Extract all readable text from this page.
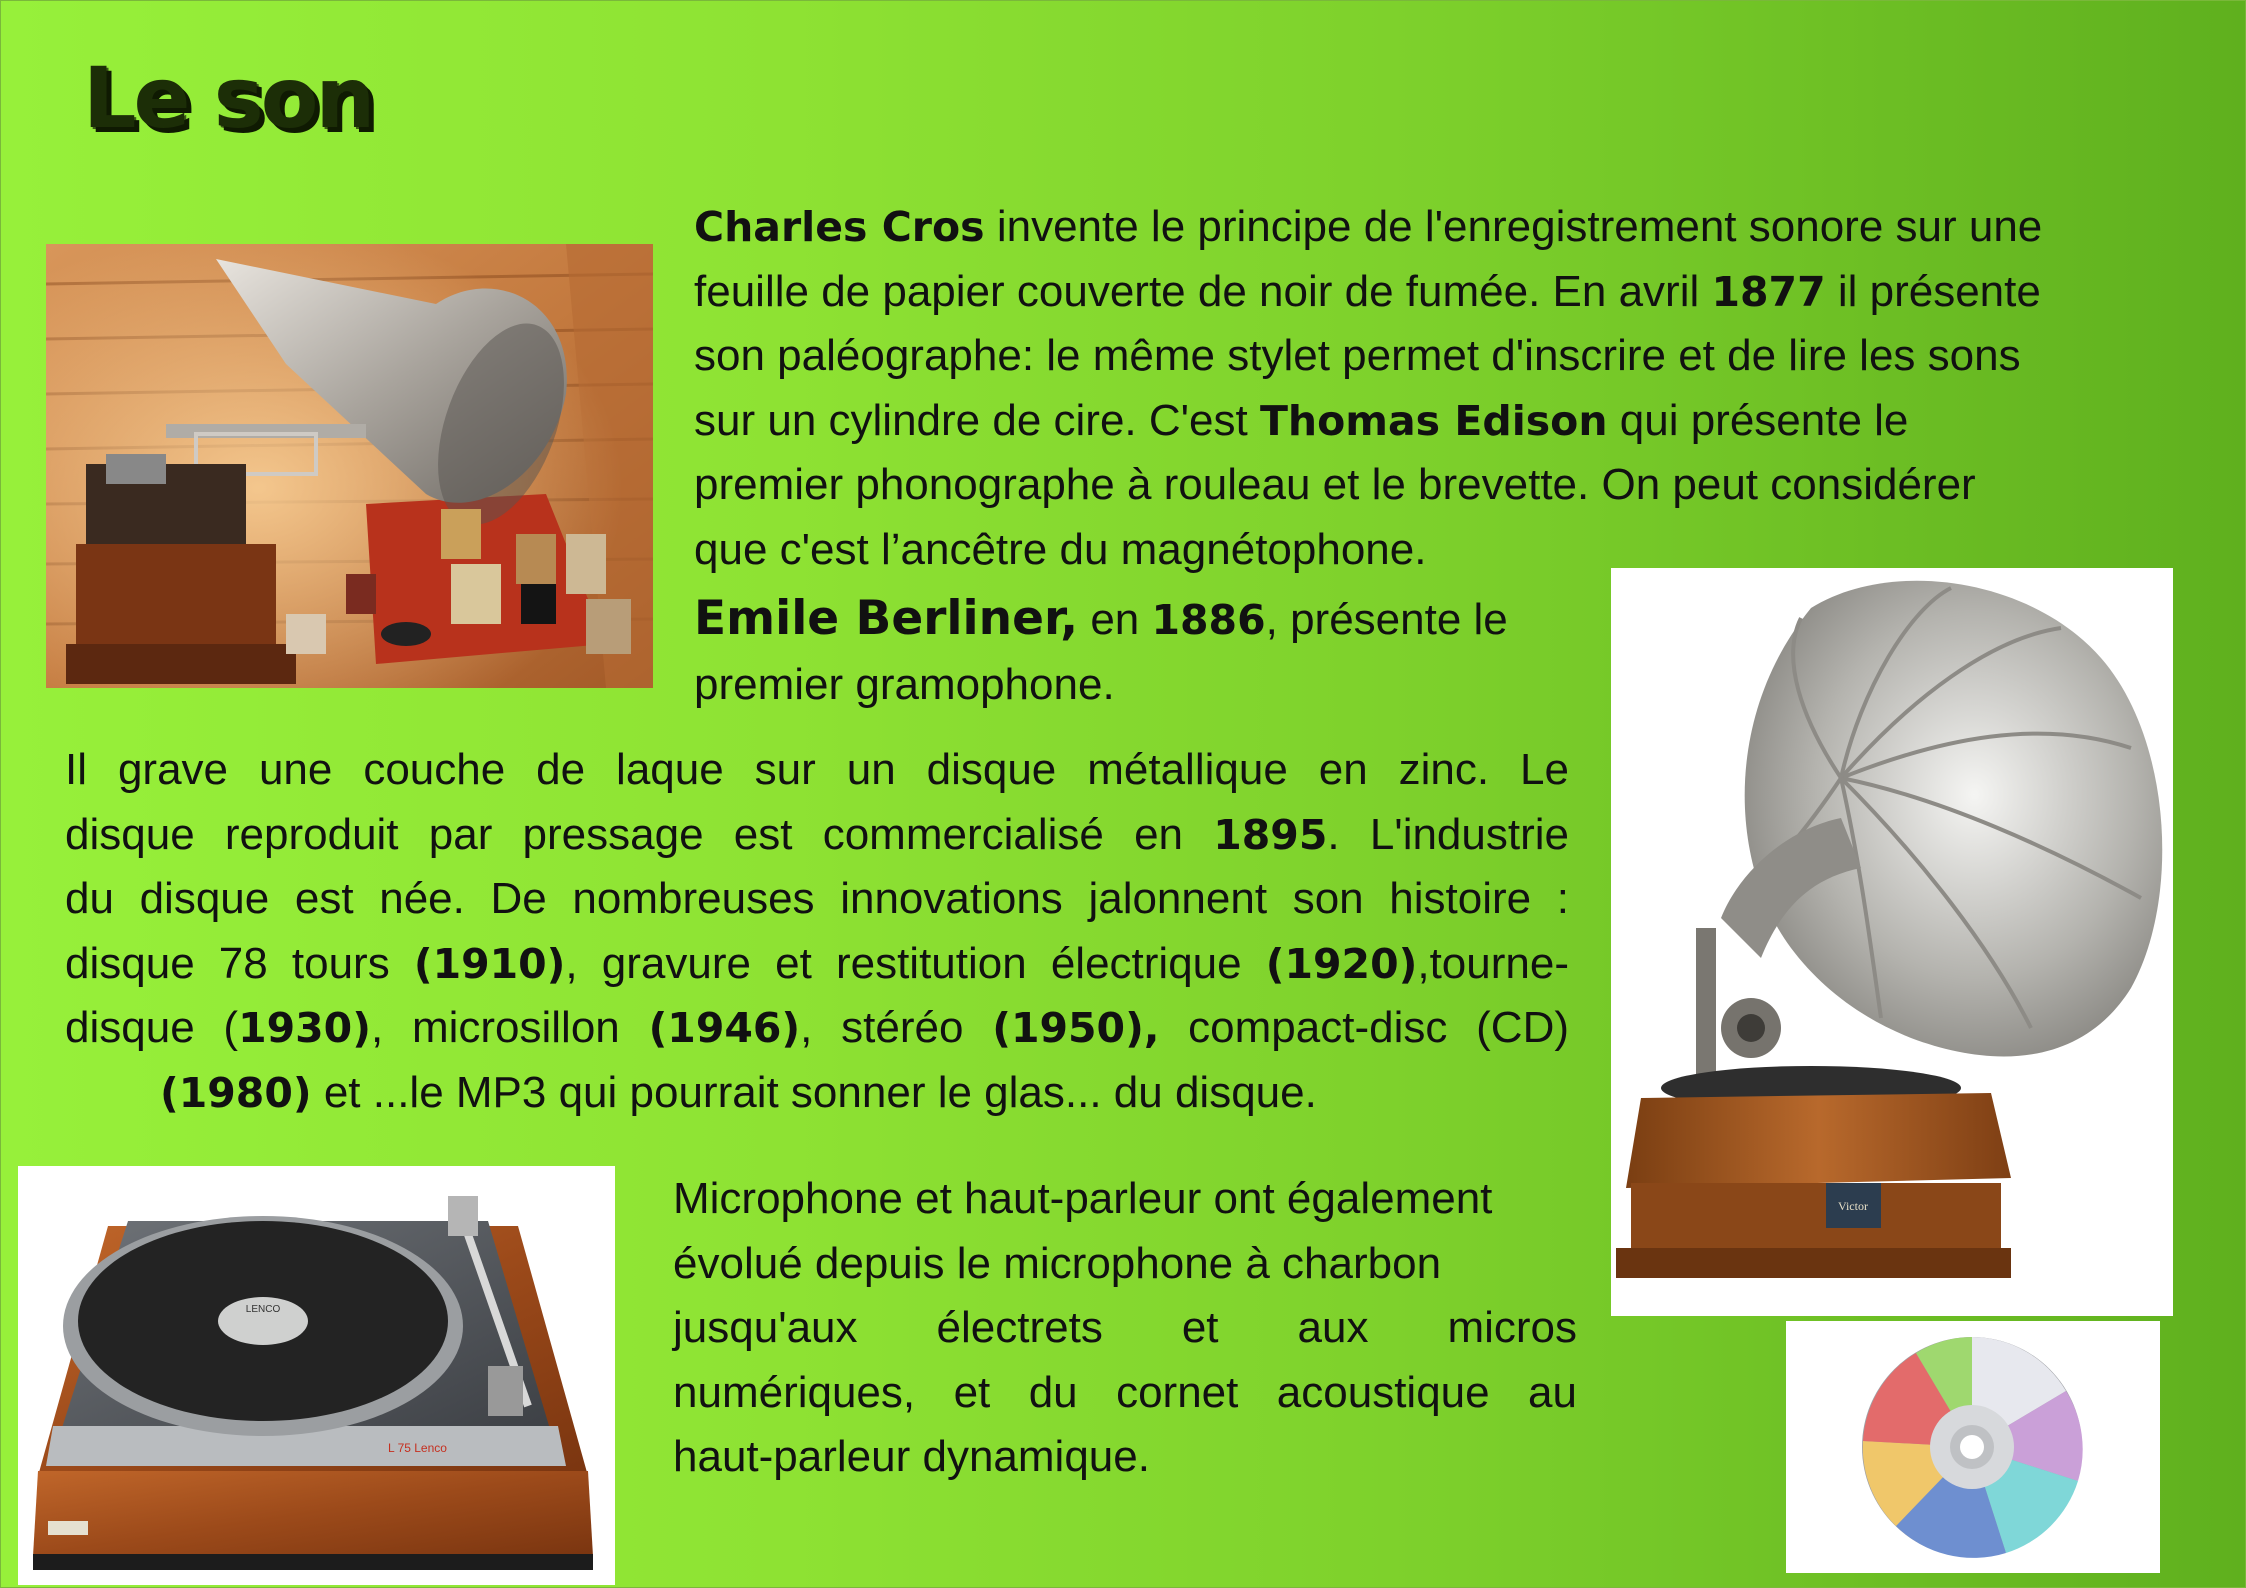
Le son
Victor
LENCO
L 75 Lenco

Charles Cros invente le principe de l'enregistrement sonore sur une
feuille de papier couverte de noir de fumée. En avril 1877 il présente
son paléographe: le même stylet permet d'inscrire et de lire les sons
sur un cylindre de cire. C'est Thomas Edison qui présente le
premier phonographe à rouleau et le brevette. On peut considérer
que c'est l’ancêtre du magnétophone.

Emile Berliner, en 1886, présente le
premier gramophone.

Il grave une couche de laque sur un disque métallique en zinc. Le
disque reproduit par pressage est commercialisé en 1895. L'industrie
du disque est née. De nombreuses innovations jalonnent son histoire :
disque 78 tours (1910), gravure et restitution électrique (1920),tourne-
disque (1930), microsillon (1946), stéréo (1950), compact-disc (CD)
(1980) et ...le MP3 qui pourrait sonner le glas... du disque.

Microphone et haut-parleur ont également
évolué depuis le microphone à charbon
jusqu'aux électrets et aux micros
numériques, et du cornet acoustique au
haut-parleur dynamique.
